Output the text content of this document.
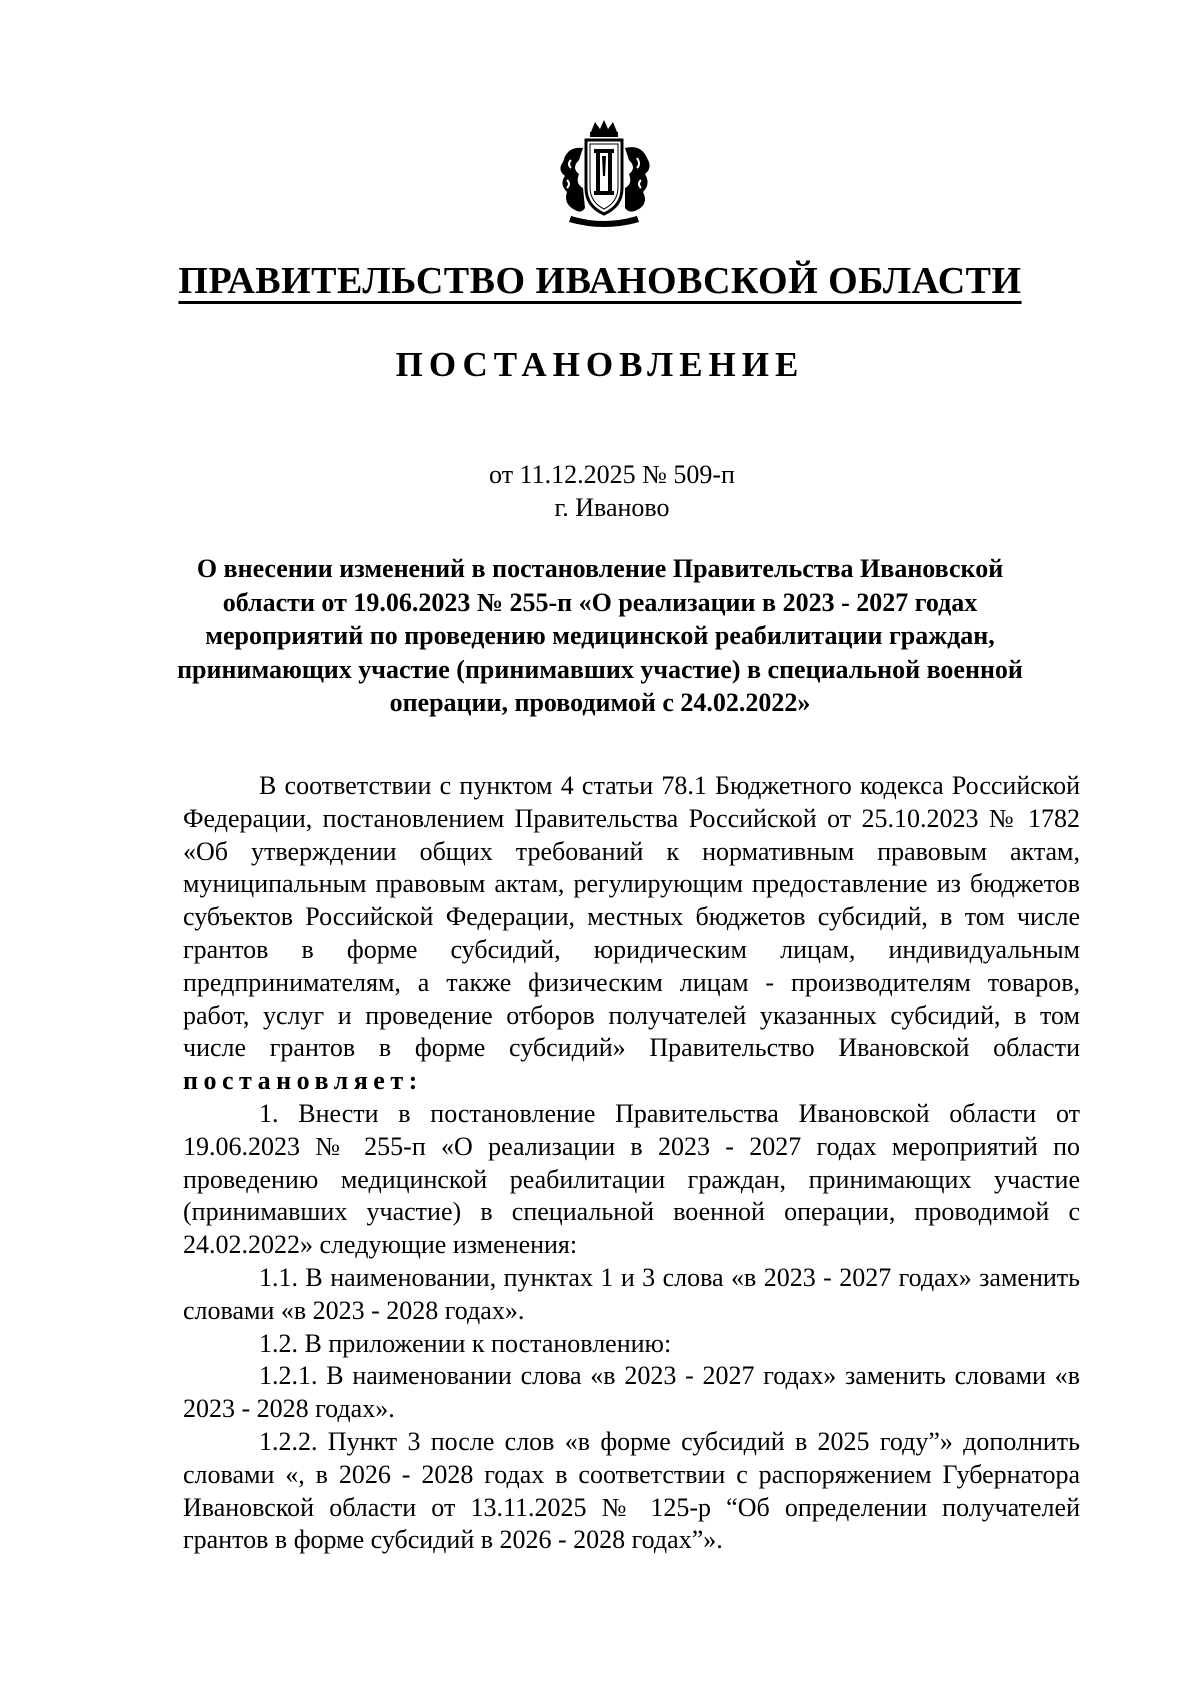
ПРАВИТЕЛЬСТВО ИВАНОВСКОЙ ОБЛАСТИ
ПОСТАНОВЛЕНИЕ
от 11.12.2025 № 509-п
г. Иваново
О внесении изменений в постановление Правительства Ивановской области от 19.06.2023 № 255-п «О реализации в 2023 - 2027 годах мероприятий по проведению медицинской реабилитации граждан, принимающих участие (принимавших участие) в специальной военной операции, проводимой с 24.02.2022»

В соответствии с пунктом 4 статьи 78.1 Бюджетного кодекса Российской Федерации, постановлением Правительства Российской от 25.10.2023 № 1782 «Об утверждении общих требований к нормативным правовым актам, муниципальным правовым актам, регулирующим предоставление из бюджетов субъектов Российской Федерации, местных бюджетов субсидий, в том числе грантов в форме субсидий, юридическим лицам, индивидуальным предпринимателям, а также физическим лицам - производителям товаров, работ, услуг и проведение отборов получателей указанных субсидий, в том числе грантов в форме субсидий» Правительство Ивановской области постановляет:

1. Внести в постановление Правительства Ивановской области от 19.06.2023 № 255-п «О реализации в 2023 - 2027 годах мероприятий по проведению медицинской реабилитации граждан, принимающих участие (принимавших участие) в специальной военной операции, проводимой с 24.02.2022» следующие изменения:

1.1. В наименовании, пунктах 1 и 3 слова «в 2023 - 2027 годах» заменить словами «в 2023 - 2028 годах».

1.2. В приложении к постановлению:

1.2.1. В наименовании слова «в 2023 - 2027 годах» заменить словами «в 2023 - 2028 годах».

1.2.2. Пункт 3 после слов «в форме субсидий в 2025 году”» дополнить словами «, в 2026 - 2028 годах в соответствии с распоряжением Губернатора Ивановской области от 13.11.2025 № 125-р “Об определении получателей грантов в форме субсидий в 2026 - 2028 годах”».
